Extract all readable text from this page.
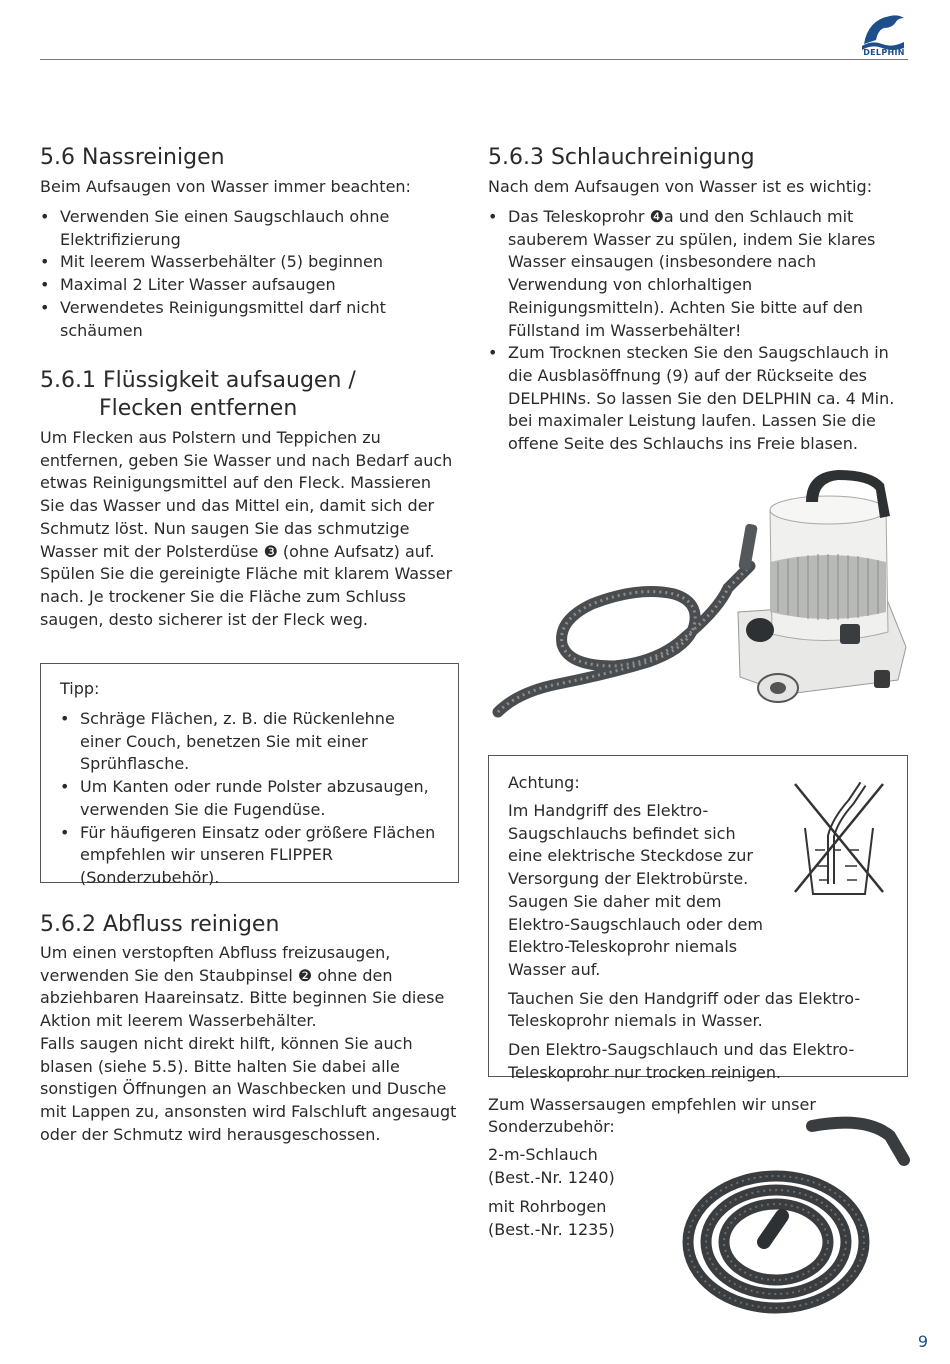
DELPHIN
5.6 Nassreinigen
Beim Aufsaugen von Wasser immer beachten:
• Verwenden Sie einen Saugschlauch ohne Elektrifizierung
• Mit leerem Wasserbehälter (5) beginnen
• Maximal 2 Liter Wasser aufsaugen
• Verwendetes Reinigungsmittel darf nicht schäumen
5.6.1 Flüssigkeit aufsaugen /
Flecken entfernen

Um Flecken aus Polstern und Teppichen zu entfernen, geben Sie Wasser und nach Bedarf auch etwas Reinigungsmittel auf den Fleck. Massieren Sie das Wasser und das Mittel ein, damit sich der Schmutz löst. Nun saugen Sie das schmutzige Wasser mit der Polsterdüse ❸ (ohne Aufsatz) auf.

Spülen Sie die gereinigte Fläche mit klarem Wasser nach. Je trockener Sie die Fläche zum Schluss saugen, desto sicherer ist der Fleck weg.

Tipp:
• Schräge Flächen, z. B. die Rückenlehne einer Couch, benetzen Sie mit einer Sprühflasche.
• Um Kanten oder runde Polster abzusaugen, verwenden Sie die Fugendüse.
• Für häufigeren Einsatz oder größere Flächen empfehlen wir unseren FLIPPER (Sonderzubehör).
5.6.2 Abfluss reinigen

Um einen verstopften Abfluss freizusaugen, verwenden Sie den Staubpinsel ❷ ohne den abziehbaren Haareinsatz. Bitte beginnen Sie diese Aktion mit leerem Wasserbehälter.

Falls saugen nicht direkt hilft, können Sie auch blasen (siehe 5.5). Bitte halten Sie dabei alle sonstigen Öffnungen an Waschbecken und Dusche mit Lappen zu, ansonsten wird Falschluft angesaugt oder der Schmutz wird herausgeschossen.

5.6.3 Schlauchreinigung
Nach dem Aufsaugen von Wasser ist es wichtig:
• Das Teleskoprohr ❹a und den Schlauch mit sauberem Wasser zu spülen, indem Sie klares Wasser einsaugen (insbesondere nach Verwendung von chlorhaltigen Reinigungsmitteln). Achten Sie bitte auf den Füllstand im Wasserbehälter!
• Zum Trocknen stecken Sie den Saugschlauch in die Ausblasöffnung (9) auf der Rückseite des DELPHINs. So lassen Sie den DELPHIN ca. 4 Min. bei maximaler Leistung laufen. Lassen Sie die offene Seite des Schlauchs ins Freie blasen.
Achtung:

Im Handgriff des Elektro-Saugschlauchs befindet sich eine elektrische Steckdose zur Versorgung der Elektrobürste. Saugen Sie daher mit dem Elektro-Saugschlauch oder dem Elektro-Teleskoprohr niemals Wasser auf.

Tauchen Sie den Handgriff oder das Elektro-Teleskoprohr niemals in Wasser.

Den Elektro-Saugschlauch und das Elektro-Teleskoprohr nur trocken reinigen.

Zum Wassersaugen empfehlen wir unser Sonderzubehör:

2-m-Schlauch

(Best.-Nr. 1240)

mit Rohrbogen

(Best.-Nr. 1235)

9
